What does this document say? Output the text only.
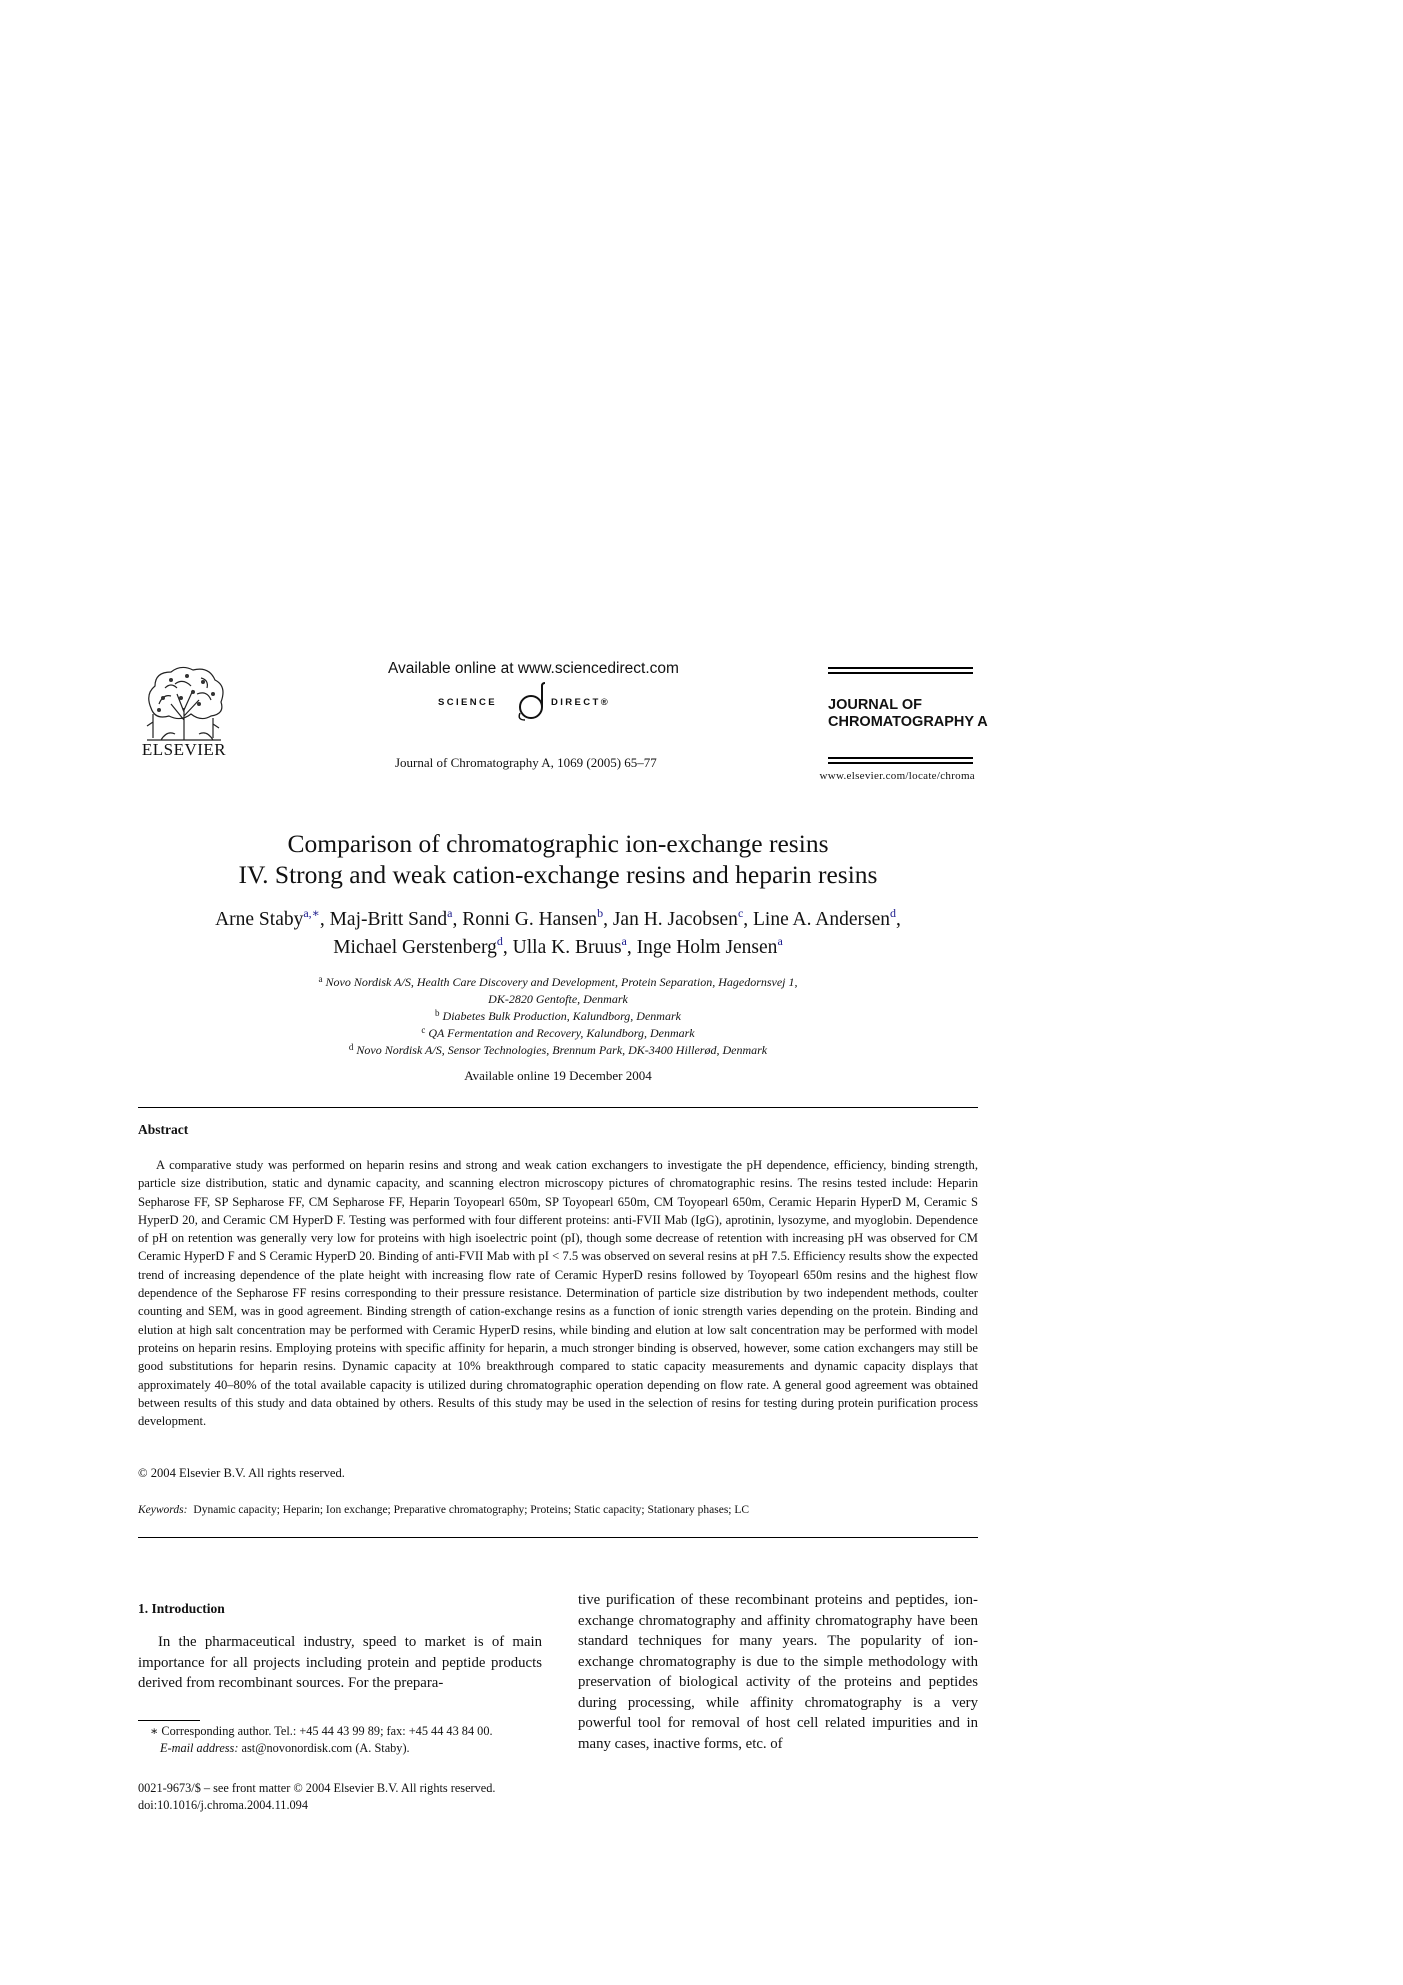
ELSEVIER
Available online at www.sciencedirect.com
SCIENCE	DIRECT®
Journal of Chromatography A, 1069 (2005) 65–77
JOURNAL OF
CHROMATOGRAPHY A
www.elsevier.com/locate/chroma
Comparison of chromatographic ion-exchange resins
IV. Strong and weak cation-exchange resins and heparin resins
Arne Staby$^{a,∗}$, Maj-Britt Sand$^a$, Ronni G. Hansen$^b$, Jan H. Jacobsen$^c$, Line A. Andersen$^d$,
Michael Gerstenberg$^d$, Ulla K. Bruus$^a$, Inge Holm Jensen$^a$
$^a$ Novo Nordisk A/S, Health Care Discovery and Development, Protein Separation, Hagedornsvej 1,
DK-2820 Gentofte, Denmark
$^b$ Diabetes Bulk Production, Kalundborg, Denmark
$^c$ QA Fermentation and Recovery, Kalundborg, Denmark
$^d$ Novo Nordisk A/S, Sensor Technologies, Brennum Park, DK-3400 Hillerød, Denmark
Available online 19 December 2004
Abstract

A comparative study was performed on heparin resins and strong and weak cation exchangers to investigate the pH dependence, efficiency, binding strength, particle size distribution, static and dynamic capacity, and scanning electron microscopy pictures of chromatographic resins. The resins tested include: Heparin Sepharose FF, SP Sepharose FF, CM Sepharose FF, Heparin Toyopearl 650m, SP Toyopearl 650m, CM Toyopearl 650m, Ceramic Heparin HyperD M, Ceramic S HyperD 20, and Ceramic CM HyperD F. Testing was performed with four different proteins: anti-FVII Mab (IgG), aprotinin, lysozyme, and myoglobin. Dependence of pH on retention was generally very low for proteins with high isoelectric point (pI), though some decrease of retention with increasing pH was observed for CM Ceramic HyperD F and S Ceramic HyperD 20. Binding of anti-FVII Mab with pI < 7.5 was observed on several resins at pH 7.5. Efficiency results show the expected trend of increasing dependence of the plate height with increasing flow rate of Ceramic HyperD resins followed by Toyopearl 650m resins and the highest flow dependence of the Sepharose FF resins corresponding to their pressure resistance. Determination of particle size distribution by two independent methods, coulter counting and SEM, was in good agreement. Binding strength of cation-exchange resins as a function of ionic strength varies depending on the protein. Binding and elution at high salt concentration may be performed with Ceramic HyperD resins, while binding and elution at low salt concentration may be performed with model proteins on heparin resins. Employing proteins with specific affinity for heparin, a much stronger binding is observed, however, some cation exchangers may still be good substitutions for heparin resins. Dynamic capacity at 10% breakthrough compared to static capacity measurements and dynamic capacity displays that approximately 40–80% of the total available capacity is utilized during chromatographic operation depending on flow rate. A general good agreement was obtained between results of this study and data obtained by others. Results of this study may be used in the selection of resins for testing during protein purification process development.

© 2004 Elsevier B.V. All rights reserved.
Keywords: Dynamic capacity; Heparin; Ion exchange; Preparative chromatography; Proteins; Static capacity; Stationary phases; LC
1. Introduction

In the pharmaceutical industry, speed to market is of main importance for all projects including protein and peptide products derived from recombinant sources. For the prepara-

tive purification of these recombinant proteins and peptides, ion-exchange chromatography and affinity chromatography have been standard techniques for many years. The popularity of ion-exchange chromatography is due to the simple methodology with preservation of biological activity of the proteins and peptides during processing, while affinity chromatography is a very powerful tool for removal of host cell related impurities and in many cases, inactive forms, etc. of

∗ Corresponding author. Tel.: +45 44 43 99 89; fax: +45 44 43 84 00.
E-mail address: ast@novonordisk.com (A. Staby).
0021-9673/$ – see front matter © 2004 Elsevier B.V. All rights reserved.
doi:10.1016/j.chroma.2004.11.094
